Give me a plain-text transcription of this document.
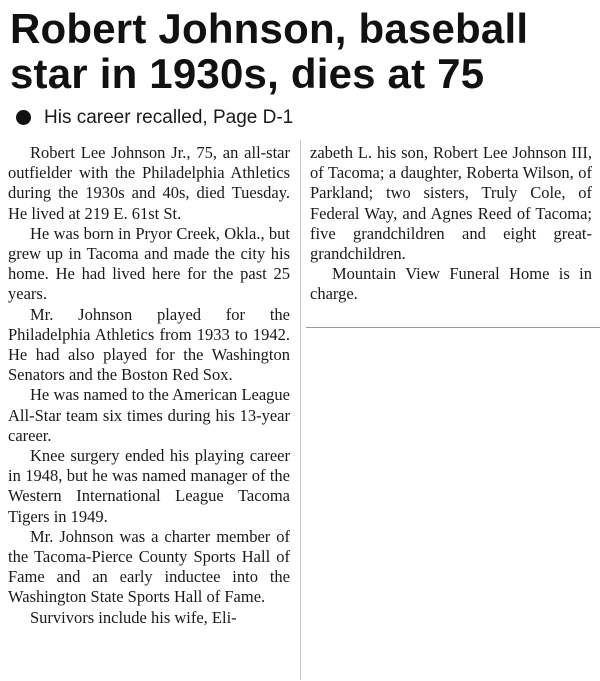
Robert Johnson, baseball star in 1930s, dies at 75
His career recalled, Page D-1

Robert Lee Johnson Jr., 75, an all-star outfielder with the Philadelphia Athletics during the 1930s and 40s, died Tuesday. He lived at 219 E. 61st St.

He was born in Pryor Creek, Okla., but grew up in Tacoma and made the city his home. He had lived here for the past 25 years.

Mr. Johnson played for the Philadelphia Athletics from 1933 to 1942. He had also played for the Washington Senators and the Boston Red Sox.

He was named to the American League All-Star team six times during his 13-year career.

Knee surgery ended his playing career in 1948, but he was named manager of the Western International League Tacoma Tigers in 1949.

Mr. Johnson was a charter member of the Tacoma-Pierce County Sports Hall of Fame and an early inductee into the Washington State Sports Hall of Fame.

Survivors include his wife, Eli-

zabeth L. his son, Robert Lee Johnson III, of Tacoma; a daughter, Roberta Wilson, of Parkland; two sisters, Truly Cole, of Federal Way, and Agnes Reed of Tacoma; five grandchildren and eight great-grandchildren.

Mountain View Funeral Home is in charge.
